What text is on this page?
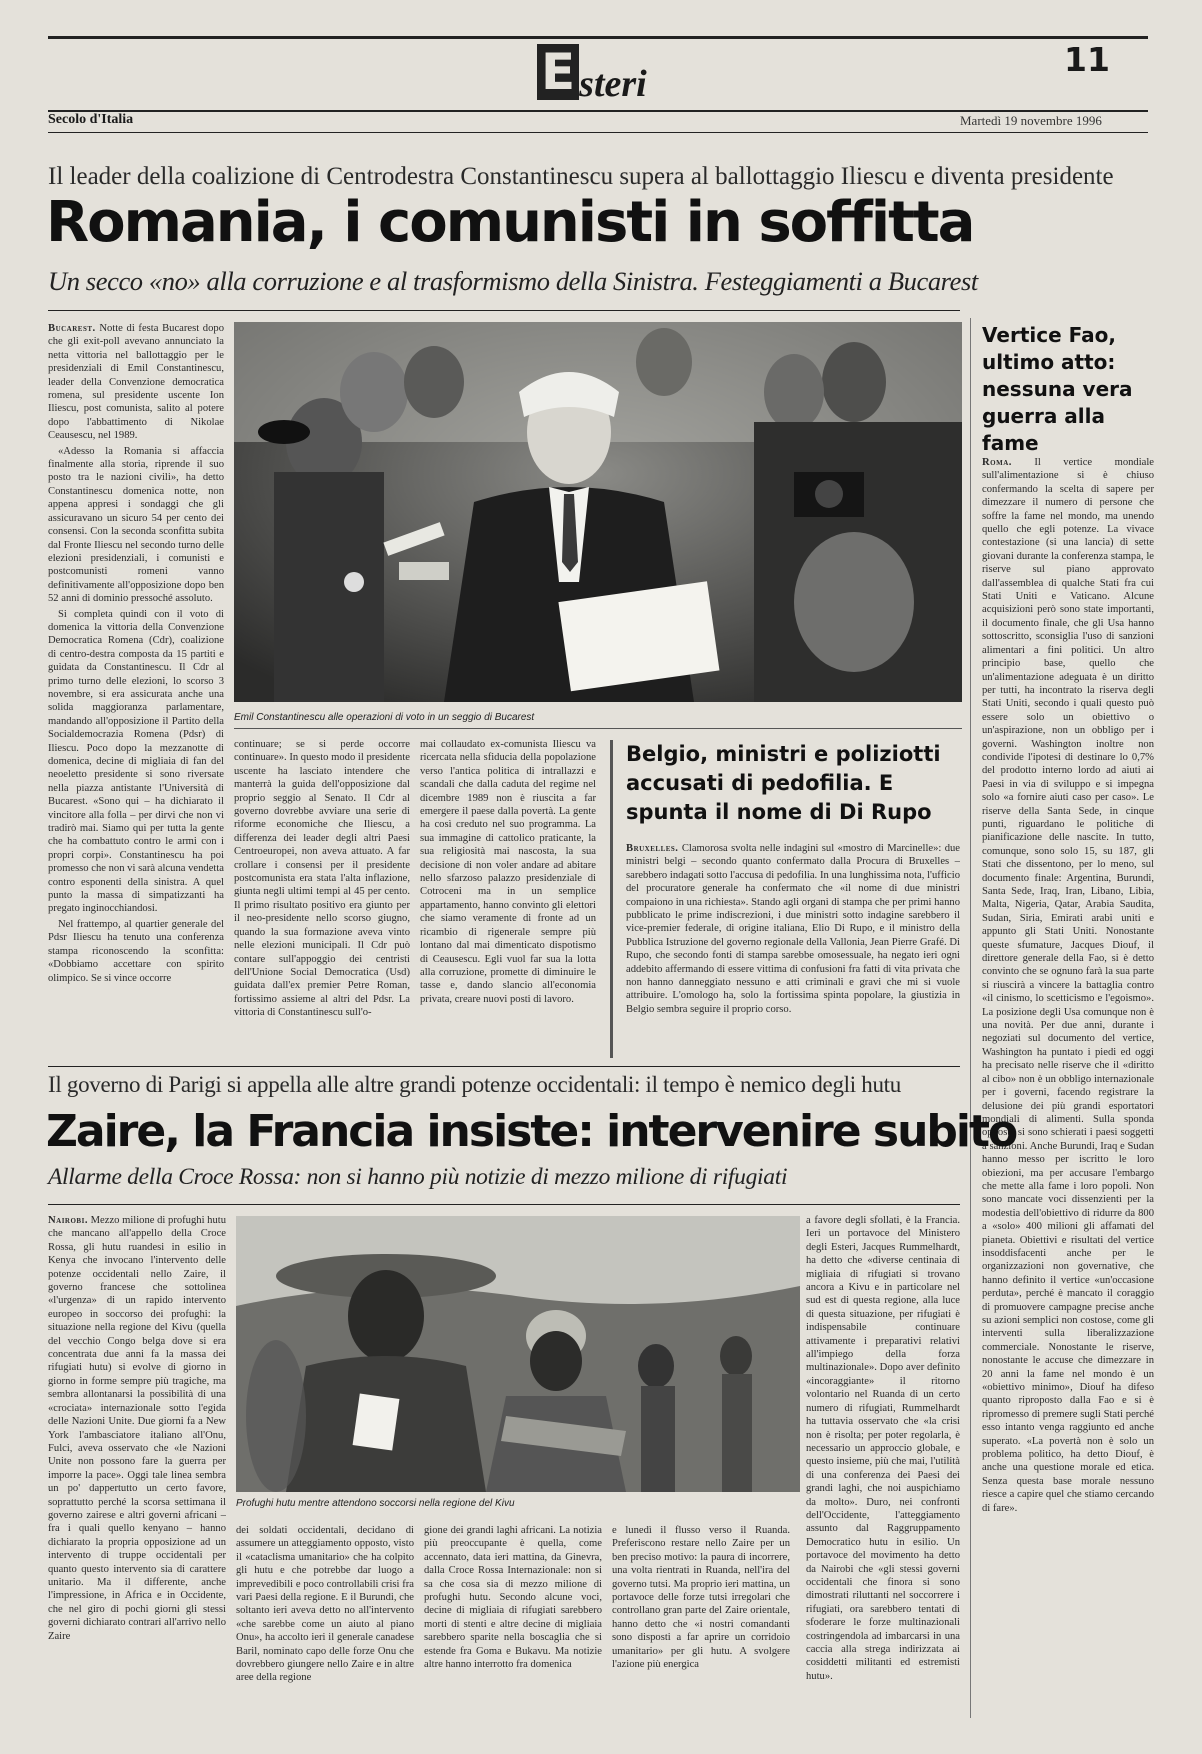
E steri
11
Secolo d'Italia	Martedì 19 novembre 1996
Il leader della coalizione di Centrodestra Constantinescu supera al ballottaggio Iliescu e diventa presidente
Romania, i comunisti in soffitta
Un secco «no» alla corruzione e al trasformismo della Sinistra. Festeggiamenti a Bucarest

Bucarest. Notte di festa Bucarest dopo che gli exit-poll avevano annunciato la netta vittoria nel ballottaggio per le presidenziali di Emil Constantinescu, leader della Convenzione democratica romena, sul presidente uscente Ion Iliescu, post comunista, salito al potere dopo l'abbattimento di Nikolae Ceausescu, nel 1989.

«Adesso la Romania si affaccia finalmente alla storia, riprende il suo posto tra le nazioni civili», ha detto Constantinescu domenica notte, non appena appresi i sondaggi che gli assicuravano un sicuro 54 per cento dei consensi. Con la seconda sconfitta subita dal Fronte Iliescu nel secondo turno delle elezioni presidenziali, i comunisti e postcomunisti romeni vanno definitivamente all'opposizione dopo ben 52 anni di dominio pressoché assoluto.

Si completa quindi con il voto di domenica la vittoria della Convenzione Democratica Romena (Cdr), coalizione di centro-destra composta da 15 partiti e guidata da Constantinescu. Il Cdr al primo turno delle elezioni, lo scorso 3 novembre, si era assicurata anche una solida maggioranza parlamentare, mandando all'opposizione il Partito della Socialdemocrazia Romena (Pdsr) di Iliescu. Poco dopo la mezzanotte di domenica, decine di migliaia di fan del neoeletto presidente si sono riversate nella piazza antistante l'Università di Bucarest. «Sono qui – ha dichiarato il vincitore alla folla – per dirvi che non vi tradirò mai. Siamo qui per tutta la gente che ha combattuto contro le armi con i propri corpi». Constantinescu ha poi promesso che non vi sarà alcuna vendetta contro esponenti della sinistra. A quel punto la massa di simpatizzanti ha pregato inginocchiandosi.

Nel frattempo, al quartier generale del Pdsr Iliescu ha tenuto una conferenza stampa riconoscendo la sconfitta: «Dobbiamo accettare con spirito olimpico. Se si vince occorre

Emil Constantinescu alle operazioni di voto in un seggio di Bucarest

continuare; se si perde occorre continuare». In questo modo il presidente uscente ha lasciato intendere che manterrà la guida dell'opposizione dal proprio seggio al Senato. Il Cdr al governo dovrebbe avviare una serie di riforme economiche che Iliescu, a differenza dei leader degli altri Paesi Centroeuropei, non aveva attuato. A far crollare i consensi per il presidente postcomunista era stata l'alta inflazione, giunta negli ultimi tempi al 45 per cento. Il primo risultato positivo era giunto per il neo-presidente nello scorso giugno, quando la sua formazione aveva vinto nelle elezioni municipali. Il Cdr può contare sull'appoggio dei centristi dell'Unione Social Democratica (Usd) guidata dall'ex premier Petre Roman, fortissimo assieme al altri del Pdsr. La vittoria di Constantinescu sull'o-

mai collaudato ex-comunista Iliescu va ricercata nella sfiducia della popolazione verso l'antica politica di intrallazzi e scandali che dalla caduta del regime nel dicembre 1989 non è riuscita a far emergere il paese dalla povertà. La gente ha così creduto nel suo programma. La sua immagine di cattolico praticante, la sua religiosità mai nascosta, la sua decisione di non voler andare ad abitare nello sfarzoso palazzo presidenziale di Cotroceni ma in un semplice appartamento, hanno convinto gli elettori che siamo veramente di fronte ad un ricambio di rigenerale sempre più lontano dal mai dimenticato dispotismo di Ceausescu. Egli vuol far sua la lotta alla corruzione, promette di diminuire le tasse e, dando slancio all'economia privata, creare nuovi posti di lavoro.

Belgio, ministri e poliziotti accusati di pedofilia. E spunta il nome di Di Rupo

Bruxelles. Clamorosa svolta nelle indagini sul «mostro di Marcinelle»: due ministri belgi – secondo quanto confermato dalla Procura di Bruxelles – sarebbero indagati sotto l'accusa di pedofilia. In una lunghissima nota, l'ufficio del procuratore generale ha confermato che «il nome di due ministri compaiono in una richiesta». Stando agli organi di stampa che per primi hanno pubblicato le prime indiscrezioni, i due ministri sotto indagine sarebbero il vice-premier federale, di origine italiana, Elio Di Rupo, e il ministro della Pubblica Istruzione del governo regionale della Vallonia, Jean Pierre Grafé. Di Rupo, che secondo fonti di stampa sarebbe omosessuale, ha negato ieri ogni addebito affermando di essere vittima di confusioni fra fatti di vita privata che non hanno danneggiato nessuno e atti criminali e gravi che mi si vuole attribuire. L'omologo ha, solo la fortissima spinta popolare, la giustizia in Belgio sembra seguire il proprio corso.

Vertice Fao, ultimo atto: nessuna vera guerra alla fame

Roma. Il vertice mondiale sull'alimentazione si è chiuso confermando la scelta di sapere per dimezzare il numero di persone che soffre la fame nel mondo, ma unendo quello che egli potenze. La vivace contestazione (si una lancia) di sette giovani durante la conferenza stampa, le riserve sul piano approvato dall'assemblea di qualche Stati fra cui Stati Uniti e Vaticano. Alcune acquisizioni però sono state importanti, il documento finale, che gli Usa hanno sottoscritto, sconsiglia l'uso di sanzioni alimentari a fini politici. Un altro principio base, quello che un'alimentazione adeguata è un diritto per tutti, ha incontrato la riserva degli Stati Uniti, secondo i quali questo può essere solo un obiettivo o un'aspirazione, non un obbligo per i governi. Washington inoltre non condivide l'ipotesi di destinare lo 0,7% del prodotto interno lordo ad aiuti ai Paesi in via di sviluppo e si impegna solo «a fornire aiuti caso per caso». Le riserve della Santa Sede, in cinque punti, riguardano le politiche di pianificazione delle nascite. In tutto, comunque, sono solo 15, su 187, gli Stati che dissentono, per lo meno, sul documento finale: Argentina, Burundi, Santa Sede, Iraq, Iran, Libano, Libia, Malta, Nigeria, Qatar, Arabia Saudita, Sudan, Siria, Emirati arabi uniti e appunto gli Stati Uniti. Nonostante queste sfumature, Jacques Diouf, il direttore generale della Fao, si è detto convinto che se ognuno farà la sua parte si riuscirà a vincere la battaglia contro «il cinismo, lo scetticismo e l'egoismo». La posizione degli Usa comunque non è una novità. Per due anni, durante i negoziati sul documento del vertice, Washington ha puntato i piedi ed oggi ha precisato nelle riserve che il «diritto al cibo» non è un obbligo internazionale per i governi, facendo registrare la delusione dei più grandi esportatori mondiali di alimenti. Sulla sponda opposta si sono schierati i paesi soggetti a sanzioni. Anche Burundi, Iraq e Sudan hanno messo per iscritto le loro obiezioni, ma per accusare l'embargo che mette alla fame i loro popoli. Non sono mancate voci dissenzienti per la modestia dell'obiettivo di ridurre da 800 a «solo» 400 milioni gli affamati del pianeta. Obiettivi e risultati del vertice insoddisfacenti anche per le organizzazioni non governative, che hanno definito il vertice «un'occasione perduta», perché è mancato il coraggio di promuovere campagne precise anche su azioni semplici non costose, come gli interventi sulla liberalizzazione commerciale. Nonostante le riserve, nonostante le accuse che dimezzare in 20 anni la fame nel mondo è un «obiettivo minimo», Diouf ha difeso quanto riproposto dalla Fao e si è ripromesso di premere sugli Stati perché esso intanto venga raggiunto ed anche superato. «La povertà non è solo un problema politico, ha detto Diouf, è anche una questione morale ed etica. Senza questa base morale nessuno riesce a capire quel che stiamo cercando di fare».

Il governo di Parigi si appella alle altre grandi potenze occidentali: il tempo è nemico degli hutu
Zaire, la Francia insiste: intervenire subito
Allarme della Croce Rossa: non si hanno più notizie di mezzo milione di rifugiati

Nairobi. Mezzo milione di profughi hutu che mancano all'appello della Croce Rossa, gli hutu ruandesi in esilio in Kenya che invocano l'intervento delle potenze occidentali nello Zaire, il governo francese che sottolinea «l'urgenza» di un rapido intervento europeo in soccorso dei profughi: la situazione nella regione del Kivu (quella del vecchio Congo belga dove si era concentrata due anni fa la massa dei rifugiati hutu) si evolve di giorno in giorno in forme sempre più tragiche, ma sembra allontanarsi la possibilità di una «crociata» internazionale sotto l'egida delle Nazioni Unite. Due giorni fa a New York l'ambasciatore italiano all'Onu, Fulci, aveva osservato che «le Nazioni Unite non possono fare la guerra per imporre la pace». Oggi tale linea sembra un po' dappertutto un certo favore, soprattutto perché la scorsa settimana il governo zairese e altri governi africani – fra i quali quello kenyano – hanno dichiarato la propria opposizione ad un intervento di truppe occidentali per quanto questo intervento sia di carattere unitario. Ma il differente, anche l'impressione, in Africa e in Occidente, che nel giro di pochi giorni gli stessi governi dichiarato contrari all'arrivo nello Zaire

Profughi hutu mentre attendono soccorsi nella regione del Kivu

dei soldati occidentali, decidano di assumere un atteggiamento opposto, visto il «cataclisma umanitario» che ha colpito gli hutu e che potrebbe dar luogo a imprevedibili e poco controllabili crisi fra vari Paesi della regione. E il Burundi, che soltanto ieri aveva detto no all'intervento «che sarebbe come un aiuto al piano Onu», ha accolto ieri il generale canadese Baril, nominato capo delle forze Onu che dovrebbero giungere nello Zaire e in altre aree della regione

gione dei grandi laghi africani. La notizia più preoccupante è quella, come accennato, data ieri mattina, da Ginevra, dalla Croce Rossa Internazionale: non si sa che cosa sia di mezzo milione di profughi hutu. Secondo alcune voci, decine di migliaia di rifugiati sarebbero morti di stenti e altre decine di migliaia sarebbero sparite nella boscaglia che si estende fra Goma e Bukavu. Ma notizie altre hanno interrotto fra domenica

e lunedì il flusso verso il Ruanda. Preferiscono restare nello Zaire per un ben preciso motivo: la paura di incorrere, una volta rientrati in Ruanda, nell'ira del governo tutsi. Ma proprio ieri mattina, un portavoce delle forze tutsi irregolari che controllano gran parte del Zaire orientale, hanno detto che «i nostri comandanti sono disposti a far aprire un corridoio umanitario» per gli hutu. A svolgere l'azione più energica

a favore degli sfollati, è la Francia. Ieri un portavoce del Ministero degli Esteri, Jacques Rummelhardt, ha detto che «diverse centinaia di migliaia di rifugiati si trovano ancora a Kivu e in particolare nel sud est di questa regione, alla luce di questa situazione, per rifugiati è indispensabile continuare attivamente i preparativi relativi all'impiego della forza multinazionale». Dopo aver definito «incoraggiante» il ritorno volontario nel Ruanda di un certo numero di rifugiati, Rummelhardt ha tuttavia osservato che «la crisi non è risolta; per poter regolarla, è necessario un approccio globale, e questo insieme, più che mai, l'utilità di una conferenza dei Paesi dei grandi laghi, che noi auspichiamo da molto». Duro, nei confronti dell'Occidente, l'atteggiamento assunto dal Raggruppamento Democratico hutu in esilio. Un portavoce del movimento ha detto da Nairobi che «gli stessi governi occidentali che finora si sono dimostrati riluttanti nel soccorrere i rifugiati, ora sarebbero tentati di sfoderare le forze multinazionali costringendola ad imbarcarsi in una caccia alla strega indirizzata ai cosiddetti militanti ed estremisti hutu».
